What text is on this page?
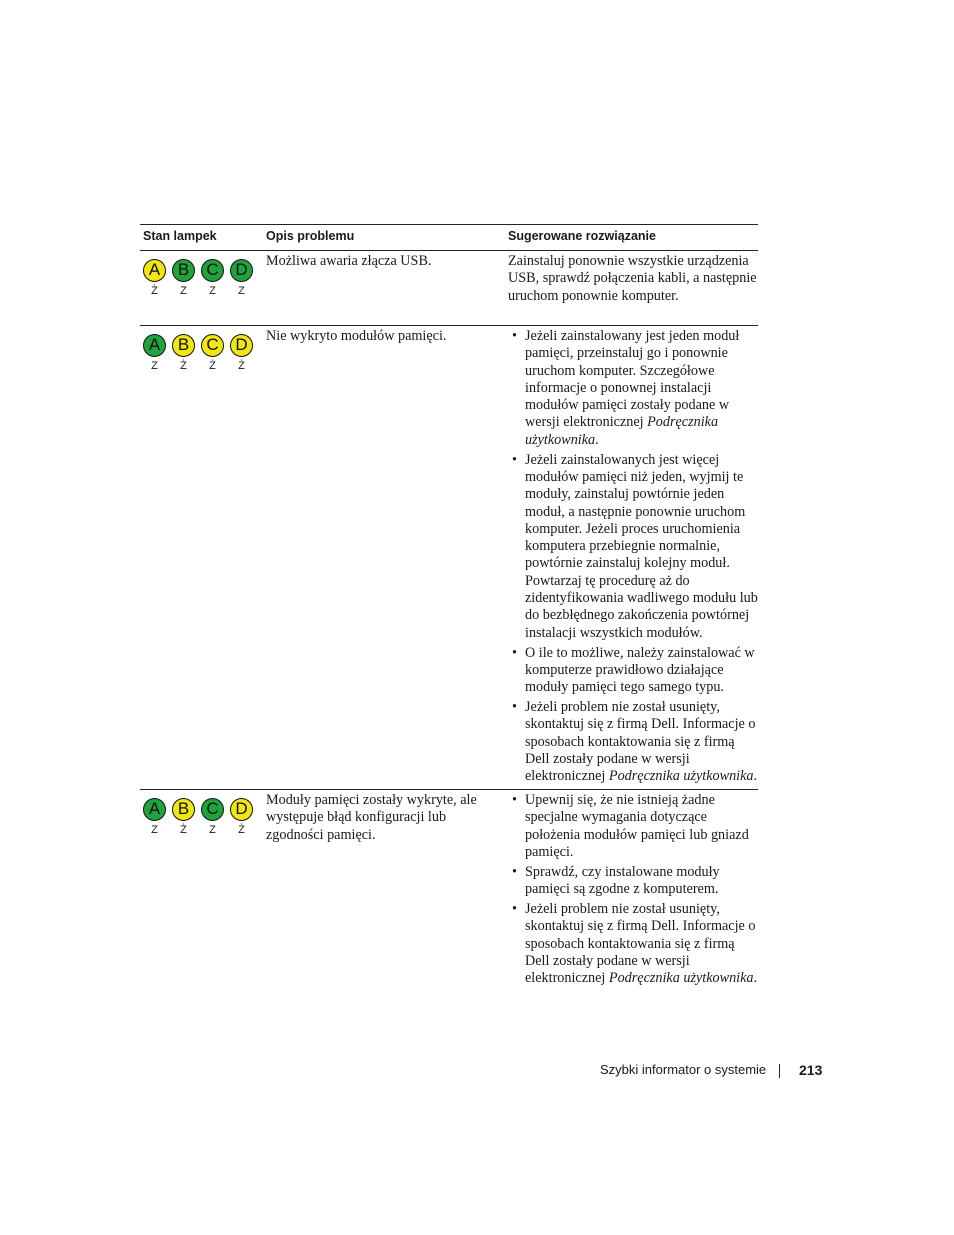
Stan lampek	Opis problemu	Sugerowane rozwiązanie
A	B	C D
Ż	Z	Z	Z
Możliwa awaria złącza USB.	Zainstaluj ponownie wszystkie urządzenia USB, sprawdź połączenia kabli, a następnie uruchom ponownie komputer.
A	B	C D
Z	Ż	Ż	Ż
Nie wykryto modułów pamięci.
•	Jeżeli zainstalowany jest jeden moduł pamięci, przeinstaluj go i ponownie uruchom komputer. Szczegółowe informacje o ponownej instalacji modułów pamięci zostały podane w wersji elektronicznej Podręcznika użytkownika.
• Jeżeli zainstalowanych jest więcej modułów pamięci niż jeden, wyjmij te moduły, zainstaluj powtórnie jeden moduł, a następnie ponownie uruchom komputer. Jeżeli proces uruchomienia komputera przebiegnie normalnie, powtórnie zainstaluj kolejny moduł. Powtarzaj tę procedurę aż do zidentyfikowania wadliwego modułu lub do bezbłędnego zakończenia powtórnej instalacji wszystkich modułów.
• O ile to możliwe, należy zainstalować w komputerze prawidłowo działające moduły pamięci tego samego typu.
• Jeżeli problem nie został usunięty, skontaktuj się z firmą Dell. Informacje o sposobach kontaktowania się z firmą Dell zostały podane w wersji elektronicznej Podręcznika użytkownika.
A	B	C D
Z	Ż	Z	Ż
Moduły pamięci zostały wykryte, ale występuje błąd konfiguracji lub zgodności pamięci.
• Upewnij się, że nie istnieją żadne specjalne wymagania dotyczące położenia modułów pamięci lub gniazd pamięci.
• Sprawdź, czy instalowane moduły pamięci są zgodne z komputerem.
• Jeżeli problem nie został usunięty, skontaktuj się z firmą Dell. Informacje o sposobach kontaktowania się z firmą Dell zostały podane w wersji elektronicznej Podręcznika użytkownika.
Szybki informator o systemie 213
